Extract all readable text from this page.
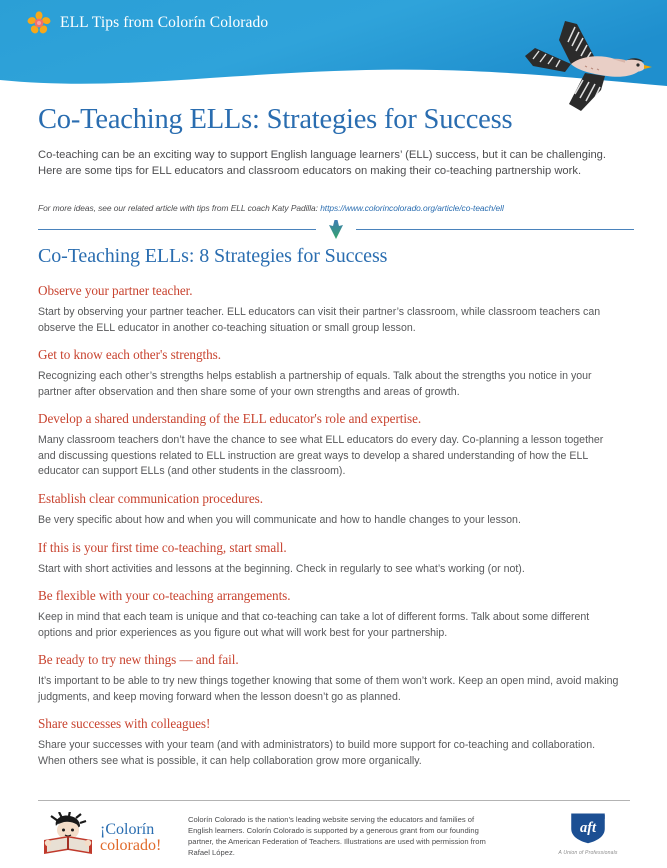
ELL Tips from Colorín Colorado
Co-Teaching ELLs: Strategies for Success

Co-teaching can be an exciting way to support English language learners’ (ELL) success, but it can be challenging. Here are some tips for ELL educators and classroom educators on making their co-teaching partnership work.

For more ideas, see our related article with tips from ELL coach Katy Padilla: https://www.colorincolorado.org/article/co-teach/ell

Co-Teaching ELLs: 8 Strategies for Success
Observe your partner teacher.

Start by observing your partner teacher. ELL educators can visit their partner’s classroom, while classroom teachers can observe the ELL educator in another co-teaching situation or small group lesson.

Get to know each other's strengths.

Recognizing each other’s strengths helps establish a partnership of equals. Talk about the strengths you notice in your partner after observation and then share some of your own strengths and areas of growth.

Develop a shared understanding of the ELL educator's role and expertise.

Many classroom teachers don’t have the chance to see what ELL educators do every day. Co-planning a lesson together and discussing questions related to ELL instruction are great ways to develop a shared understanding of how the ELL educator can support ELLs (and other students in the classroom).

Establish clear communication procedures.

Be very specific about how and when you will communicate and how to handle changes to your lesson.

If this is your first time co-teaching, start small.

Start with short activities and lessons at the beginning. Check in regularly to see what’s working (or not).

Be flexible with your co-teaching arrangements.

Keep in mind that each team is unique and that co-teaching can take a lot of different forms. Talk about some different options and prior experiences as you figure out what will work best for your partnership.

Be ready to try new things — and fail.

It’s important to be able to try new things together knowing that some of them won’t work. Keep an open mind, avoid making judgments, and keep moving forward when the lesson doesn’t go as planned.

Share successes with colleagues!

Share your successes with your team (and with administrators) to build more support for co-teaching and collaboration. When others see what is possible, it can help collaboration grow more organically.

¡Colorín
colorado!
Colorín Colorado is the nation’s leading website serving the educators and families of English learners. Colorín Colorado is supported by a generous grant from our founding partner, the American Federation of Teachers. Illustrations are used with permission from Rafael López.
aft
A Union of Professionals
